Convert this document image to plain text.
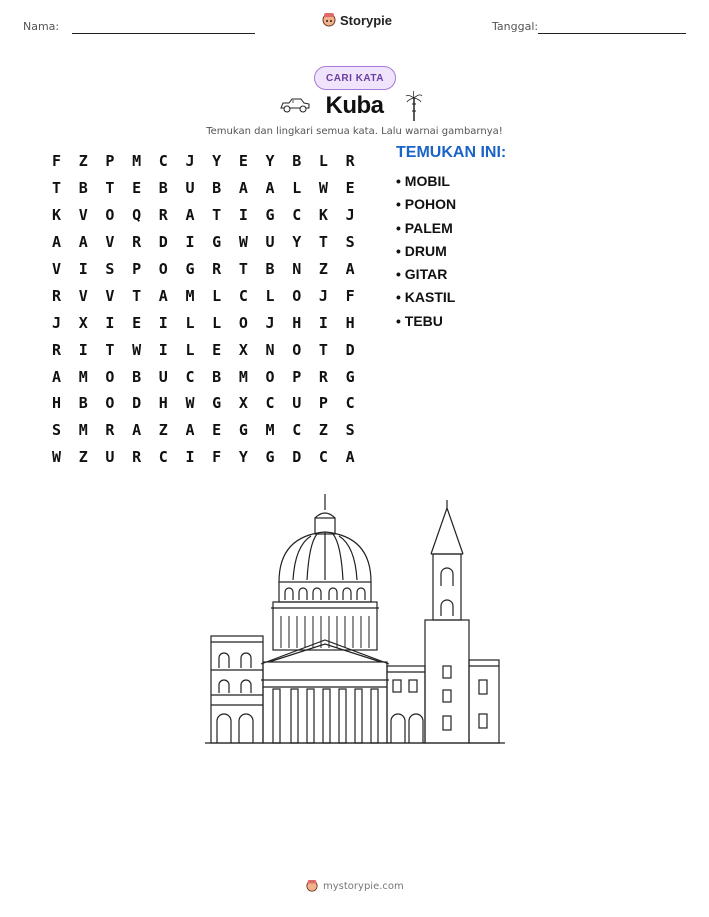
Nama:	Storypie	Tanggal:
CARI KATA
Kuba
Temukan dan lingkari semua kata. Lalu warnai gambarnya!
F	Z	P	M	C	J	Y	E	Y	B	L	R
T	B	T	E	B	U	B	A	A	L	W	E
K	V	O	Q	R	A	T	I	G	C	K	J
A	A	V	R	D	I	G	W	U	Y	T	S
V	I	S	P	O	G	R	T	B	N	Z	A
R	V	V	T	A	M	L	C	L	O	J	F
J	X	I	E	I	L	L	O	J	H	I	H
R	I	T	W	I	L	E	X	N	O	T	D
A	M	O	B	U	C	B	M	O	P	R	G
H	B	O	D	H	W	G	X	C	U	P	C
S	M	R	A	Z	A	E	G	M	C	Z	S
W	Z	U	R	C	I	F	Y	G	D	C	A
TEMUKAN INI:
• MOBIL
• POHON
• PALEM
• DRUM
• GITAR
• KASTIL
• TEBU
mystorypie.com
